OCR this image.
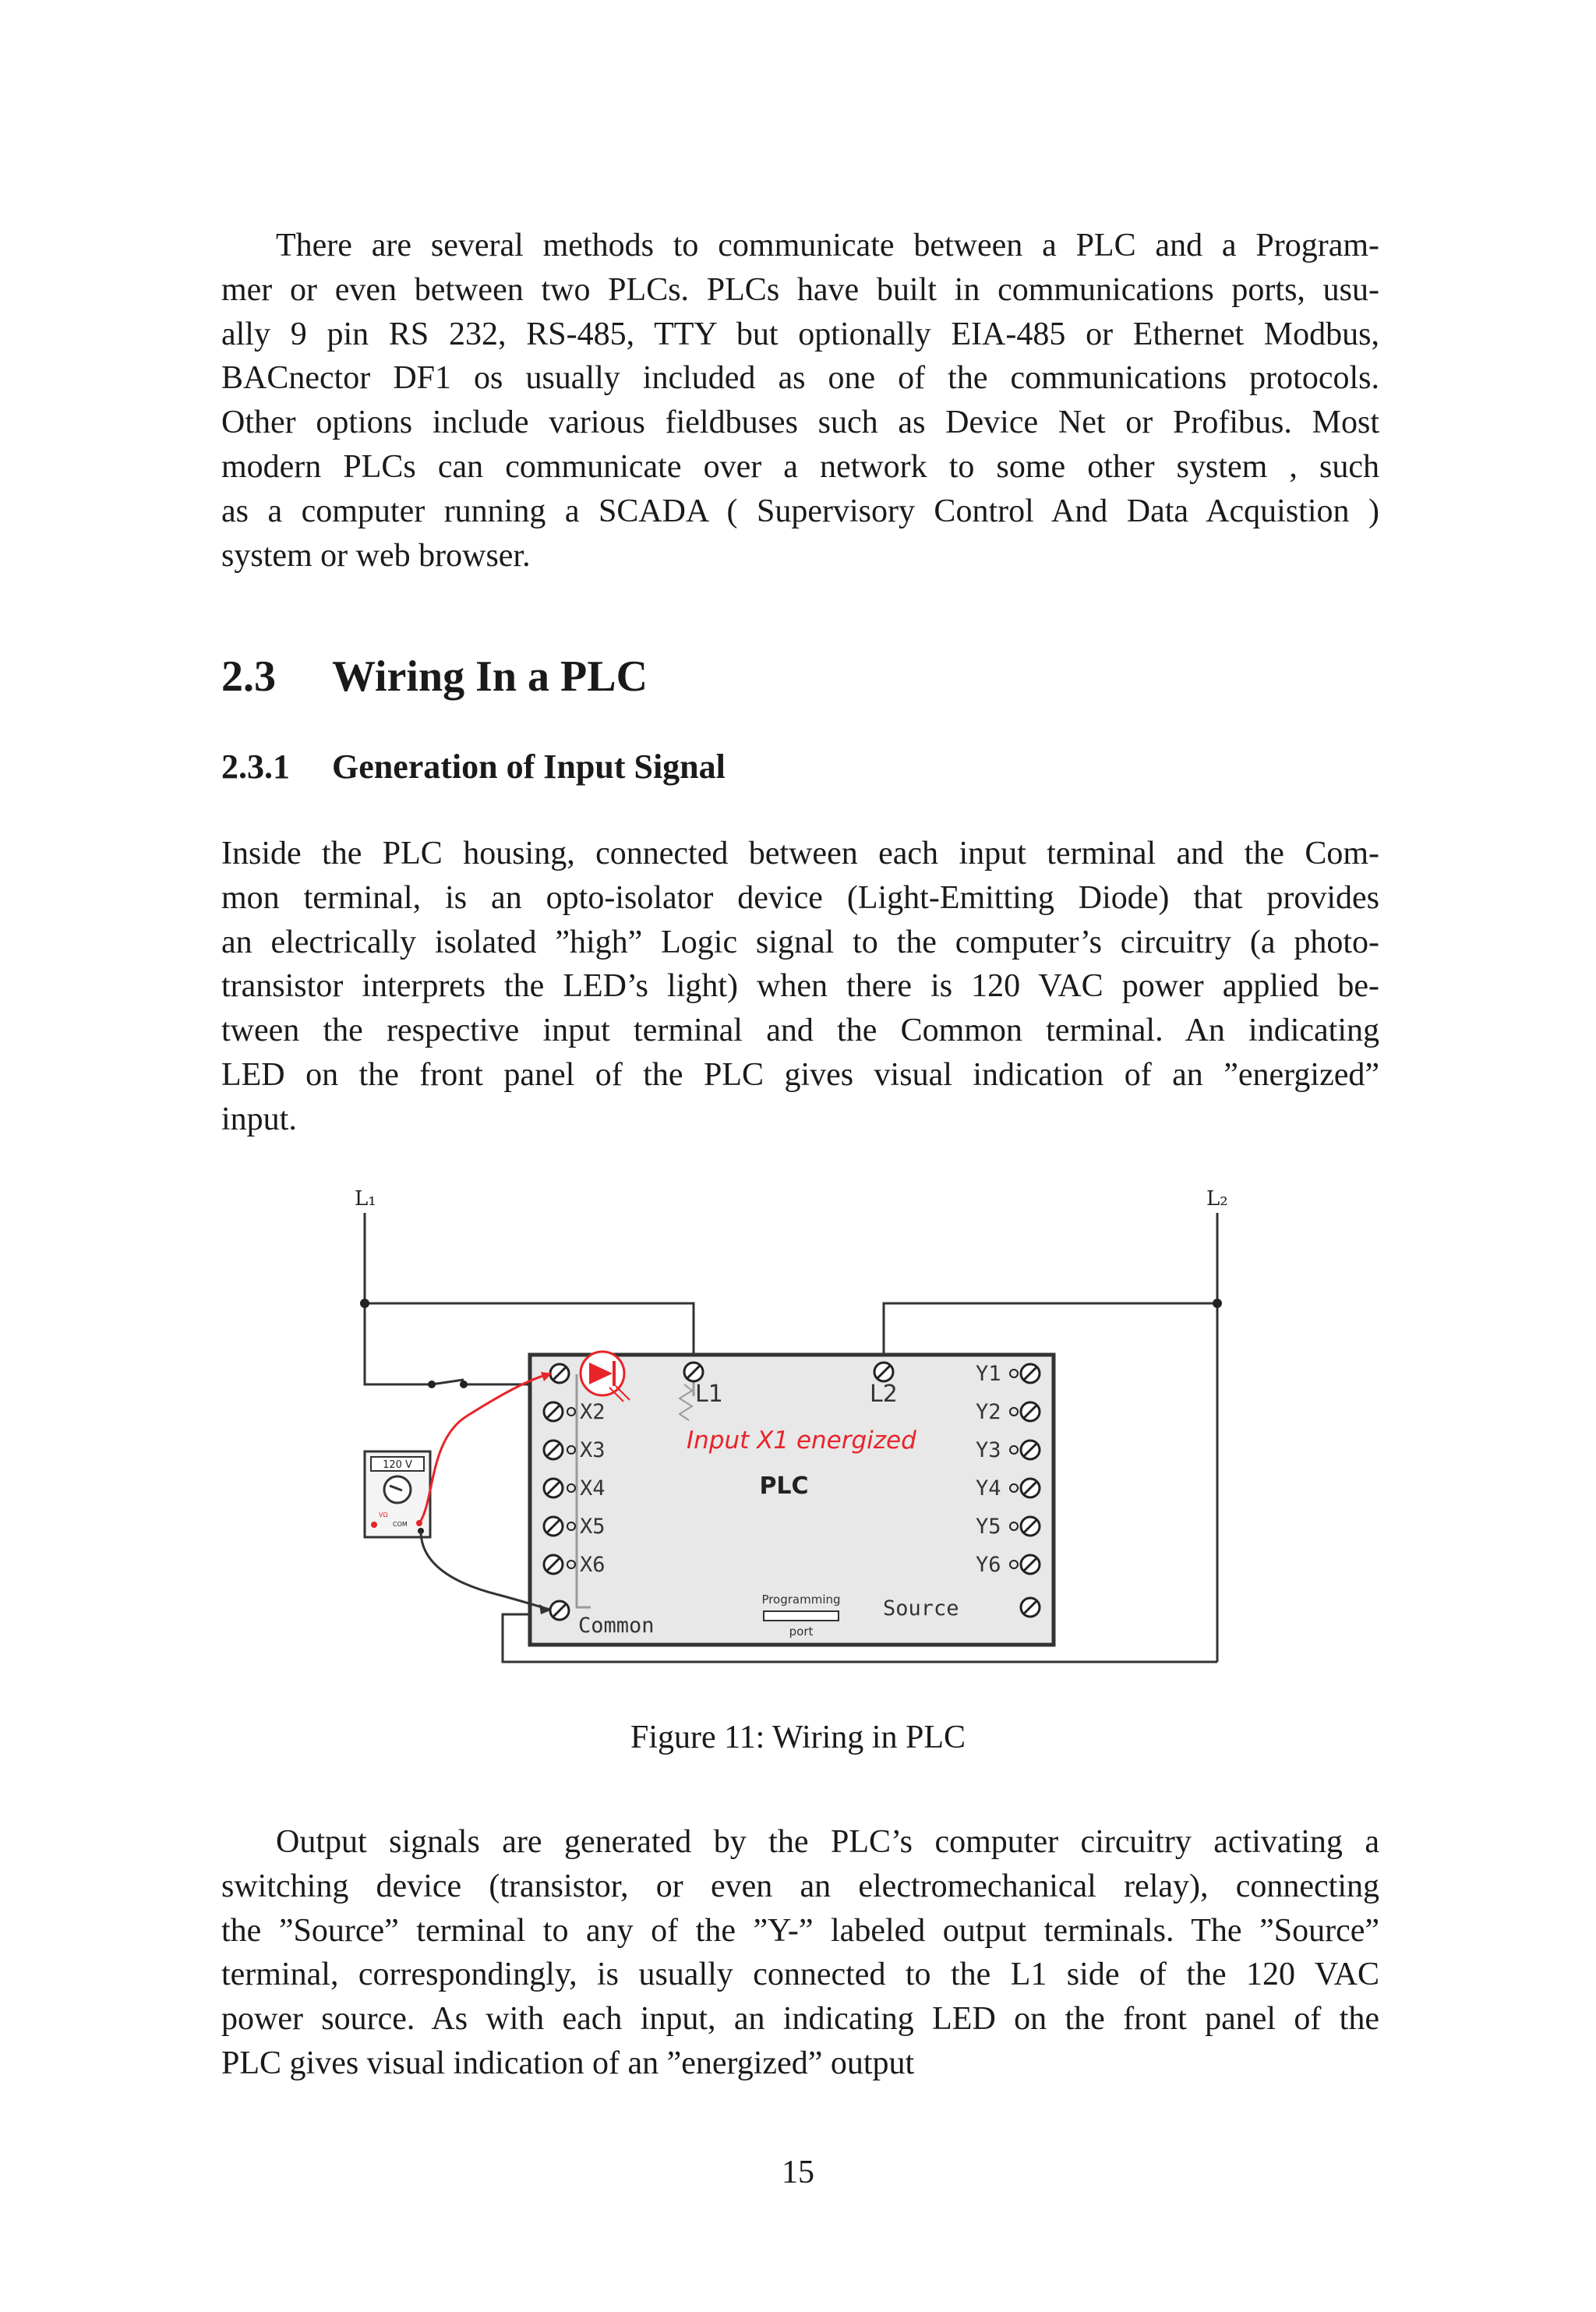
There are several methods to communicate between a PLC and a Program-
mer or even between two PLCs. PLCs have built in communications ports, usu-
ally 9 pin RS 232, RS-485, TTY but optionally EIA-485 or Ethernet Modbus,
BACnector DF1 os usually included as one of the communications protocols.
Other options include various fieldbuses such as Device Net or Profibus. Most
modern PLCs can communicate over a network to some other system , such
as a computer running a SCADA ( Supervisory Control And Data Acquistion )
system or web browser.
2.3 Wiring In a PLC
2.3.1 Generation of Input Signal
Inside the PLC housing, connected between each input terminal and the Com-
mon terminal, is an opto-isolator device (Light-Emitting Diode) that provides
an electrically isolated ”high” Logic signal to the computer’s circuitry (a photo-
transistor interprets the LED’s light) when there is 120 VAC power applied be-
tween the respective input terminal and the Common terminal. An indicating
LED on the front panel of the PLC gives visual indication of an ”energized”
input.
L₁	L₂
PLC
L1	L2
X2
X3
X4
X5
X6
Y1
Y2
Y3
Y4
Y5
Y6
Common
Source
Programming
port
Input X1 energized
120 V
VΩ
COM

Figure 11: Wiring in PLC

Output signals are generated by the PLC’s computer circuitry activating a
switching device (transistor, or even an electromechanical relay), connecting
the ”Source” terminal to any of the ”Y-” labeled output terminals. The ”Source”
terminal, correspondingly, is usually connected to the L1 side of the 120 VAC
power source. As with each input, an indicating LED on the front panel of the
PLC gives visual indication of an ”energized” output

15
